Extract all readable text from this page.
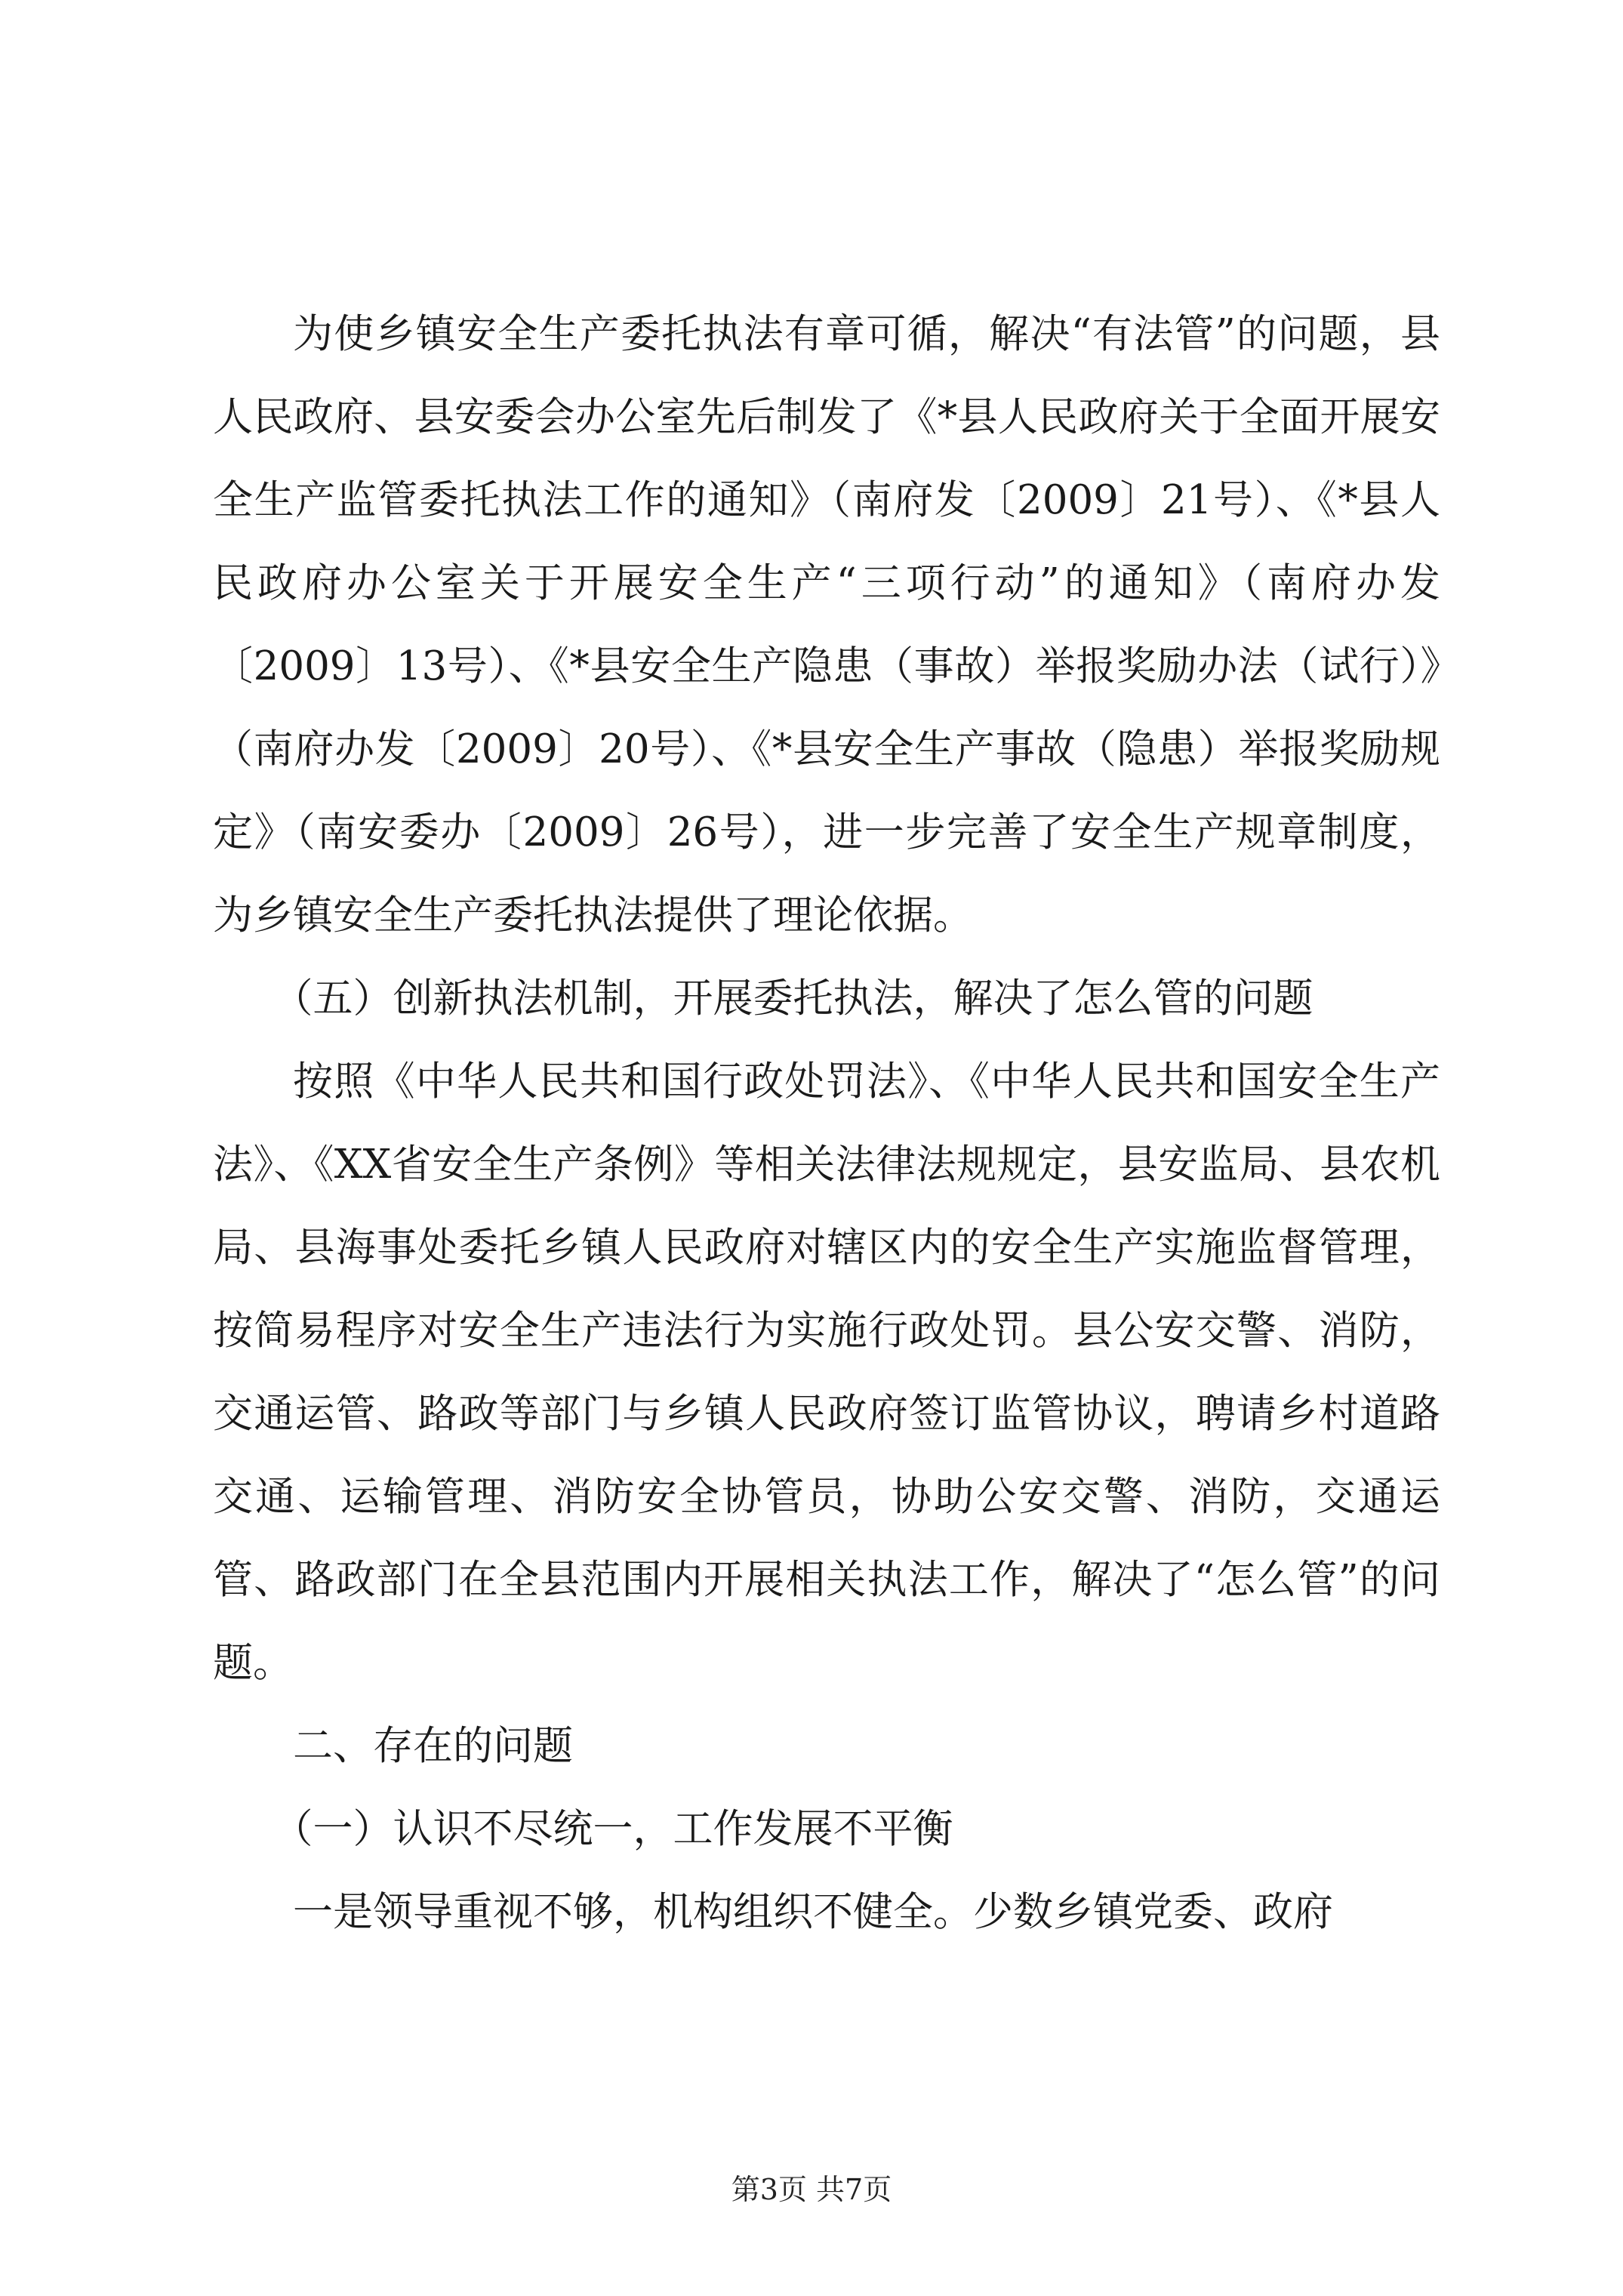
为使乡镇安全生产委托执法有章可循，解决“有法管”的问题，县人民政府、县安委会办公室先后制发了《*县人民政府关于全面开展安全生产监管委托执法工作的通知》（南府发〔2009〕21号）、《*县人民政府办公室关于开展安全生产“三项行动”的通知》（南府办发〔2009〕13号）、《*县安全生产隐患（事故）举报奖励办法（试行）》（南府办发〔2009〕20号）、《*县安全生产事故（隐患）举报奖励规定》（南安委办〔2009〕26号），进一步完善了安全生产规章制度，为乡镇安全生产委托执法提供了理论依据。

（五）创新执法机制，开展委托执法，解决了怎么管的问题

按照《中华人民共和国行政处罚法》、《中华人民共和国安全生产法》、《XX省安全生产条例》等相关法律法规规定，县安监局、县农机局、县海事处委托乡镇人民政府对辖区内的安全生产实施监督管理，按简易程序对安全生产违法行为实施行政处罚。县公安交警、消防，交通运管、路政等部门与乡镇人民政府签订监管协议，聘请乡村道路交通、运输管理、消防安全协管员，协助公安交警、消防，交通运管、路政部门在全县范围内开展相关执法工作，解决了“怎么管”的问题。

二、存在的问题

（一）认识不尽统一，工作发展不平衡

一是领导重视不够，机构组织不健全。少数乡镇党委、政府

第3页 共7页
